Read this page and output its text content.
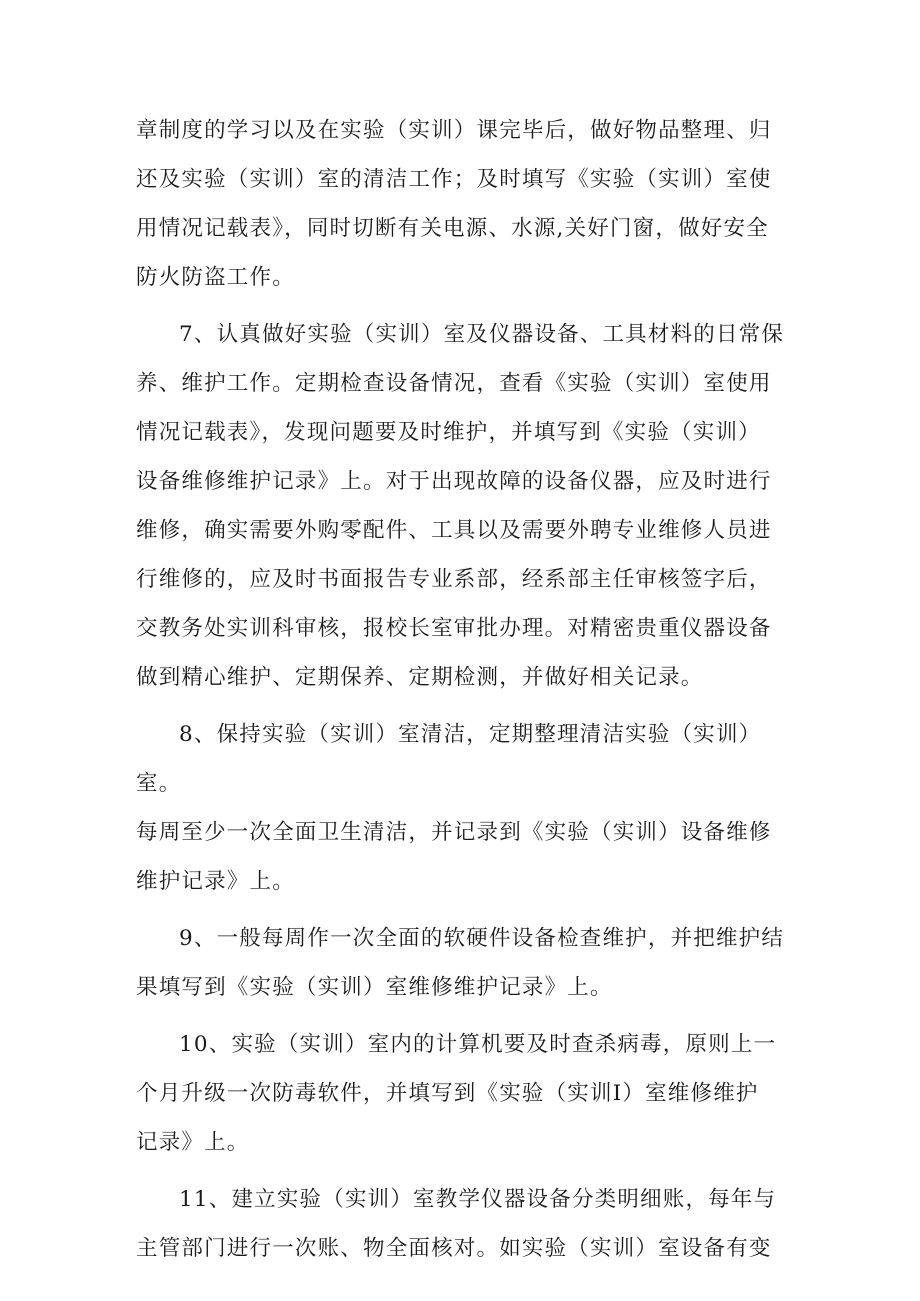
章制度的学习以及在实验（实训）课完毕后，做好物品整理、归
还及实验（实训）室的清洁工作；及时填写《实验（实训）室使
用情况记载表》，同时切断有关电源、水源,关好门窗，做好安全
防火防盗工作。
7、认真做好实验（实训）室及仪器设备、工具材料的日常保
养、维护工作。定期检查设备情况，查看《实验（实训）室使用
情况记载表》，发现问题要及时维护，并填写到《实验（实训）
设备维修维护记录》上。对于出现故障的设备仪器，应及时进行
维修，确实需要外购零配件、工具以及需要外聘专业维修人员进
行维修的，应及时书面报告专业系部，经系部主任审核签字后，
交教务处实训科审核，报校长室审批办理。对精密贵重仪器设备
做到精心维护、定期保养、定期检测，并做好相关记录。
8、保持实验（实训）室清洁，定期整理清洁实验（实训）室。
每周至少一次全面卫生清洁，并记录到《实验（实训）设备维修
维护记录》上。
9、一般每周作一次全面的软硬件设备检查维护，并把维护结
果填写到《实验（实训）室维修维护记录》上。
10、实验（实训）室内的计算机要及时查杀病毒，原则上一
个月升级一次防毒软件，并填写到《实验（实训I）室维修维护
记录》上。
11、建立实验（实训）室教学仪器设备分类明细账，每年与
主管部门进行一次账、物全面核对。如实验（实训）室设备有变
